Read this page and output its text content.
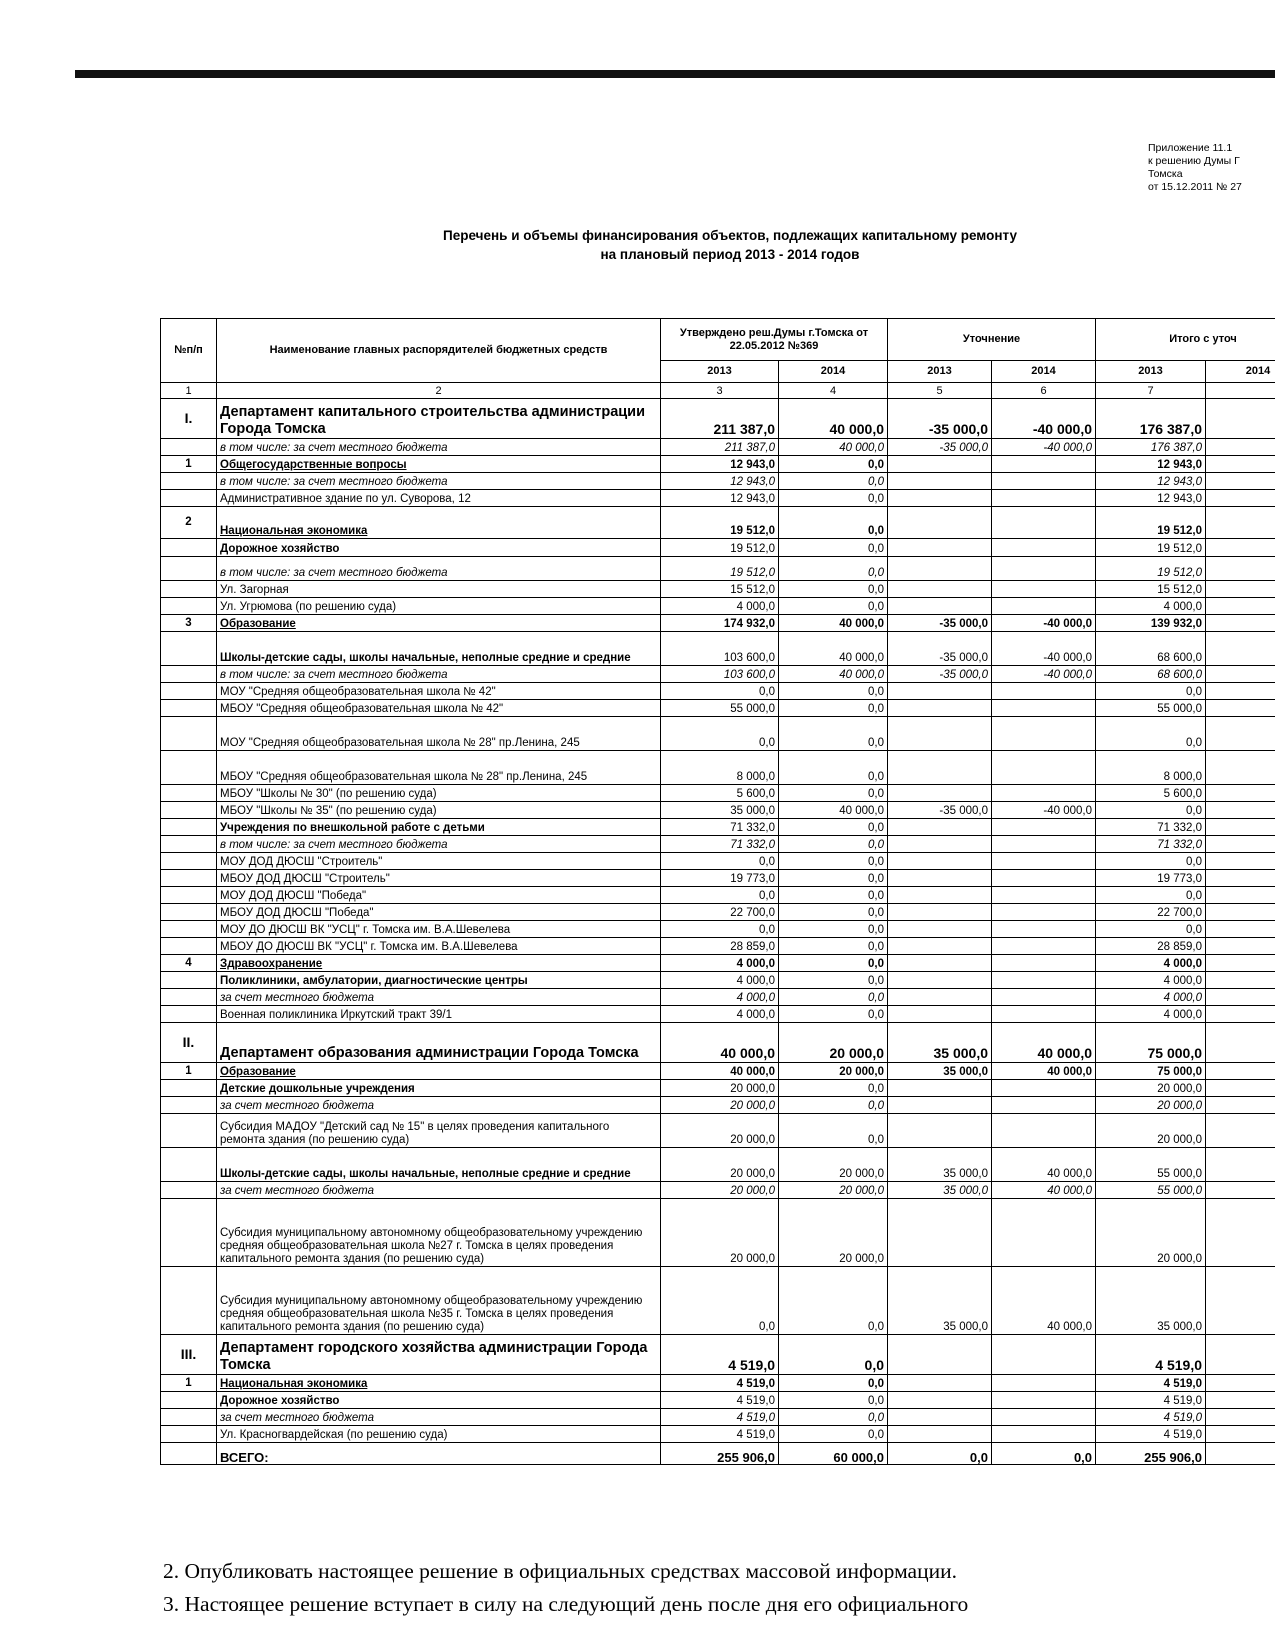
Приложение 11.1
к решению Думы Г
Томска
от 15.12.2011 № 27
Перечень и объемы финансирования объектов, подлежащих капитальному ремонту
на плановый период 2013 - 2014 годов
№п/п	Наименование главных распорядителей бюджетных средств	Утверждено реш.Думы г.Томска от 22.05.2012 №369		Уточнение		Итого с уточ	
		2013	2014	2013	2014	2013	2014
1	2	3	4	5	6	7	
I.	Департамент капитального строительства администрации Города Томска	211 387,0	40 000,0	-35 000,0	-40 000,0	176 387,0	
	в том числе: за счет местного бюджета	211 387,0	40 000,0	-35 000,0	-40 000,0	176 387,0	
1	Общегосударственные вопросы	12 943,0	0,0			12 943,0	
	в том числе: за счет местного бюджета	12 943,0	0,0			12 943,0	
	Административное здание по ул. Суворова, 12	12 943,0	0,0			12 943,0	
2	Национальная экономика	19 512,0	0,0			19 512,0	
	Дорожное хозяйство	19 512,0	0,0			19 512,0	
	в том числе: за счет местного бюджета	19 512,0	0,0			19 512,0	
	Ул. Загорная	15 512,0	0,0			15 512,0	
	Ул. Угрюмова (по решению суда)	4 000,0	0,0			4 000,0	
3	Образование	174 932,0	40 000,0	-35 000,0	-40 000,0	139 932,0	
	Школы-детские сады, школы начальные, неполные средние и средние	103 600,0	40 000,0	-35 000,0	-40 000,0	68 600,0	
	в том числе: за счет местного бюджета	103 600,0	40 000,0	-35 000,0	-40 000,0	68 600,0	
	МОУ "Средняя общеобразовательная школа № 42"	0,0	0,0			0,0	
	МБОУ "Средняя общеобразовательная школа № 42"	55 000,0	0,0			55 000,0	
	МОУ "Средняя общеобразовательная школа № 28" пр.Ленина, 245	0,0	0,0			0,0	
	МБОУ "Средняя общеобразовательная школа № 28" пр.Ленина, 245	8 000,0	0,0			8 000,0	
	МБОУ "Школы № 30" (по решению суда)	5 600,0	0,0			5 600,0	
	МБОУ "Школы № 35" (по решению суда)	35 000,0	40 000,0	-35 000,0	-40 000,0	0,0	
	Учреждения по внешкольной работе с детьми	71 332,0	0,0			71 332,0	
	в том числе: за счет местного бюджета	71 332,0	0,0			71 332,0	
	МОУ ДОД ДЮСШ "Строитель"	0,0	0,0			0,0	
	МБОУ ДОД ДЮСШ "Строитель"	19 773,0	0,0			19 773,0	
	МОУ ДОД ДЮСШ "Победа"	0,0	0,0			0,0	
	МБОУ ДОД ДЮСШ "Победа"	22 700,0	0,0			22 700,0	
	МОУ ДО ДЮСШ ВК "УСЦ" г. Томска им. В.А.Шевелева	0,0	0,0			0,0	
	МБОУ ДО ДЮСШ ВК "УСЦ" г. Томска им. В.А.Шевелева	28 859,0	0,0			28 859,0	
4	Здравоохранение	4 000,0	0,0			4 000,0	
	Поликлиники, амбулатории, диагностические центры	4 000,0	0,0			4 000,0	
	за счет местного бюджета	4 000,0	0,0			4 000,0	
	Военная поликлиника Иркутский тракт 39/1	4 000,0	0,0			4 000,0	
II.	Департамент образования администрации Города Томска	40 000,0	20 000,0	35 000,0	40 000,0	75 000,0	
1	Образование	40 000,0	20 000,0	35 000,0	40 000,0	75 000,0	
	Детские дошкольные учреждения	20 000,0	0,0			20 000,0	
	за счет местного бюджета	20 000,0	0,0			20 000,0	
	Субсидия МАДОУ "Детский сад № 15" в целях проведения капитального ремонта здания (по решению суда)	20 000,0	0,0			20 000,0	
	Школы-детские сады, школы начальные, неполные средние и средние	20 000,0	20 000,0	35 000,0	40 000,0	55 000,0	
	за счет местного бюджета	20 000,0	20 000,0	35 000,0	40 000,0	55 000,0	
	Субсидия муниципальному автономному общеобразовательному учреждению средняя общеобразовательная школа №27 г. Томска в целях проведения капитального ремонта здания (по решению суда)	20 000,0	20 000,0			20 000,0	
	Субсидия муниципальному автономному общеобразовательному учреждению средняя общеобразовательная школа №35 г. Томска в целях проведения капитального ремонта здания (по решению суда)	0,0	0,0	35 000,0	40 000,0	35 000,0	
III.	Департамент городского хозяйства администрации Города Томска	4 519,0	0,0			4 519,0	
1	Национальная экономика	4 519,0	0,0			4 519,0	
	Дорожное хозяйство	4 519,0	0,0			4 519,0	
	за счет местного бюджета	4 519,0	0,0			4 519,0	
	Ул. Красногвардейская (по решению суда)	4 519,0	0,0			4 519,0	
	ВСЕГО:	255 906,0	60 000,0	0,0	0,0	255 906,0	
2. Опубликовать настоящее решение в официальных средствах массовой информации.
3. Настоящее решение вступает в силу на следующий день после дня его официального
